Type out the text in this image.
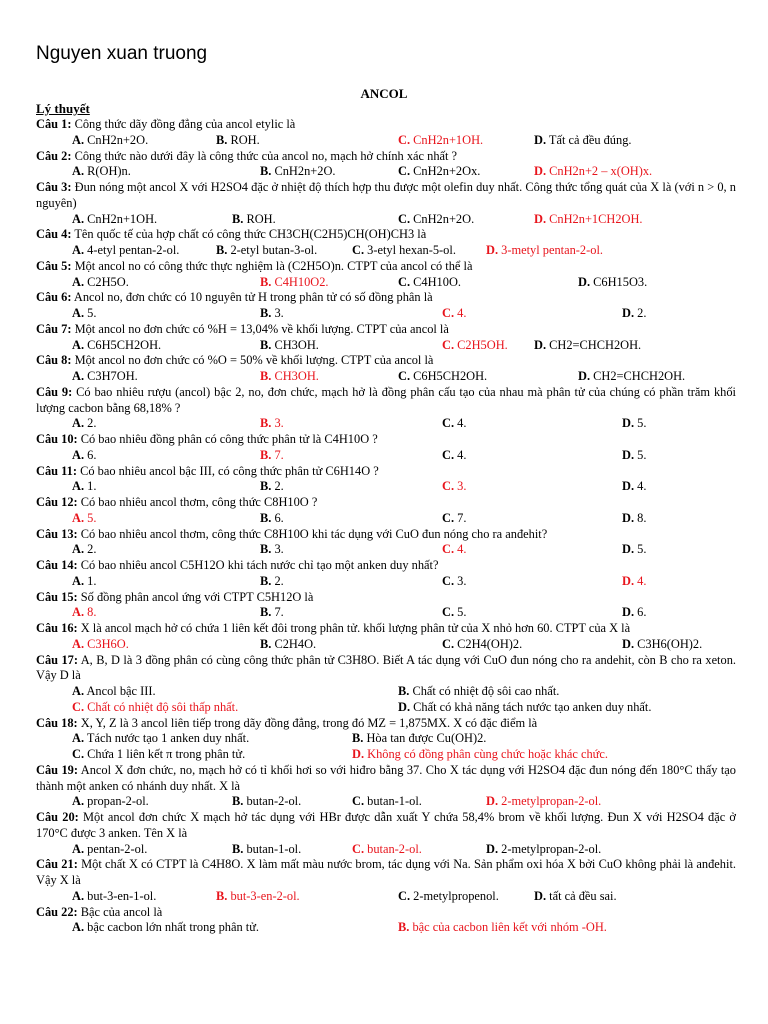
Nguyen xuan truong
ANCOL
Lý thuyết
Câu 1: Công thức dãy đồng đẳng của ancol etylic là
A. CnH2n+2O.	B. ROH.	C. CnH2n+1OH.	D. Tất cả đều đúng.
Câu 2: Công thức nào dưới đây là công thức của ancol no, mạch hở chính xác nhất ?
A. R(OH)n.	B. CnH2n+2O.	C. CnH2n+2Ox.	D. CnH2n+2 – x(OH)x.
Câu 3: Đun nóng một ancol X với H2SO4 đặc ở nhiệt độ thích hợp thu được một olefin duy nhất. Công thức tổng quát của X là (với n > 0, n nguyên)
A. CnH2n+1OH.	B. ROH.	C. CnH2n+2O.	D. CnH2n+1CH2OH.
Câu 4: Tên quốc tế của hợp chất có công thức CH3CH(C2H5)CH(OH)CH3 là
A. 4-etyl pentan-2-ol.	B. 2-etyl butan-3-ol.	C. 3-etyl hexan-5-ol. D. 3-metyl pentan-2-ol.
Câu 5: Một ancol no có công thức thực nghiệm là (C2H5O)n. CTPT của ancol có thể là
A. C2H5O.	B. C4H10O2.	C. C4H10O.	D. C6H15O3.
Câu 6: Ancol no, đơn chức có 10 nguyên tử H trong phân tử có số đồng phân là
A. 5.	B. 3.	C. 4.	D. 2.
Câu 7: Một ancol no đơn chức có %H = 13,04% về khối lượng. CTPT của ancol là
A. C6H5CH2OH.	B. CH3OH.	C. C2H5OH. D. CH2=CHCH2OH.
Câu 8: Một ancol no đơn chức có %O = 50% về khối lượng. CTPT của ancol là
A. C3H7OH.	B. CH3OH.	C. C6H5CH2OH.	D. CH2=CHCH2OH.
Câu 9: Có bao nhiêu rượu (ancol) bậc 2, no, đơn chức, mạch hở là đồng phân cấu tạo của nhau mà phân tử của chúng có phần trăm khối lượng cacbon bằng 68,18% ?
A. 2.	B. 3.	C. 4.	D. 5.
Câu 10: Có bao nhiêu đồng phân có công thức phân tử là C4H10O ?
A. 6.	B. 7.	C. 4.	D. 5.
Câu 11: Có bao nhiêu ancol bậc III, có công thức phân tử C6H14O ?
A. 1.	B. 2.	C. 3.	D. 4.
Câu 12: Có bao nhiêu ancol thơm, công thức C8H10O ?
A. 5.	B. 6.	C. 7.	D. 8.
Câu 13: Có bao nhiêu ancol thơm, công thức C8H10O khi tác dụng với CuO đun nóng cho ra anđehit?
A. 2.	B. 3.	C. 4.	D. 5.
Câu 14: Có bao nhiêu ancol C5H12O khi tách nước chỉ tạo một anken duy nhất?
A. 1.	B. 2.	C. 3.	D. 4.
Câu 15: Số đồng phân ancol ứng với CTPT C5H12O là
A. 8.	B. 7.	C. 5.	D. 6.
Câu 16: X là ancol mạch hở có chứa 1 liên kết đôi trong phân tử. khối lượng phân tử của X nhỏ hơn 60. CTPT của X là
A. C3H6O.	B. C2H4O.	C. C2H4(OH)2.	D. C3H6(OH)2.
Câu 17: A, B, D là 3 đồng phân có cùng công thức phân tử C3H8O. Biết A tác dụng với CuO đun nóng cho ra andehit, còn B cho ra xeton. Vậy D là
A. Ancol bậc III.	B. Chất có nhiệt độ sôi cao nhất.
C. Chất có nhiệt độ sôi thấp nhất.	D. Chất có khả năng tách nước tạo anken duy nhất.
Câu 18: X, Y, Z là 3 ancol liên tiếp trong dãy đồng đẳng, trong đó MZ = 1,875MX. X có đặc điểm là
A. Tách nước tạo 1 anken duy nhất.	B. Hòa tan được Cu(OH)2.
C. Chứa 1 liên kết π trong phân tử.	D. Không có đồng phân cùng chức hoặc khác chức.
Câu 19: Ancol X đơn chức, no, mạch hở có tỉ khối hơi so với hiđro bằng 37. Cho X tác dụng với H2SO4 đặc đun nóng đến 180°C thấy tạo thành một anken có nhánh duy nhất. X là
A. propan-2-ol.	B. butan-2-ol.	C. butan-1-ol.	D. 2-metylpropan-2-ol.
Câu 20: Một ancol đơn chức X mạch hở tác dụng với HBr được dẫn xuất Y chứa 58,4% brom về khối lượng. Đun X với H2SO4 đặc ở 170°C được 3 anken. Tên X là
A. pentan-2-ol.	B. butan-1-ol.	C. butan-2-ol.	D. 2-metylpropan-2-ol.
Câu 21: Một chất X có CTPT là C4H8O. X làm mất màu nước brom, tác dụng với Na. Sản phẩm oxi hóa X bởi CuO không phải là anđehit. Vậy X là
A. but-3-en-1-ol.	B. but-3-en-2-ol.	C. 2-metylpropenol.	D. tất cả đều sai.
Câu 22: Bậc của ancol là
A. bậc cacbon lớn nhất trong phân tử.	B. bậc của cacbon liên kết với nhóm -OH.
